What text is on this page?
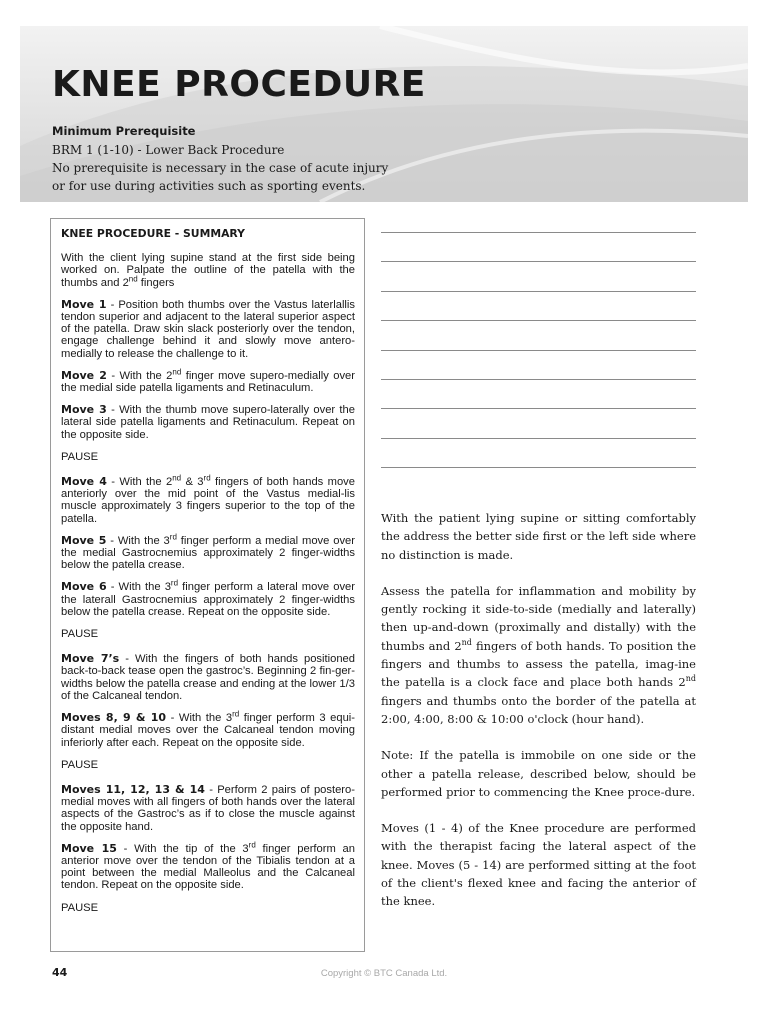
KNEE PROCEDURE
Minimum Prerequisite
BRM 1 (1-10) - Lower Back Procedure
No prerequisite is necessary in the case of acute injury
or for use during activities such as sporting events.
KNEE PROCEDURE - SUMMARY

With the client lying supine stand at the first side being worked on. Palpate the outline of the patella with the thumbs and 2nd fingers

Move 1 - Position both thumbs over the Vastus laterlallis tendon superior and adjacent to the lateral superior aspect of the patella. Draw skin slack posteriorly over the tendon, engage challenge behind it and slowly move antero-medially to release the challenge to it.

Move 2 - With the 2nd finger move supero-medially over the medial side patella ligaments and Retinaculum.

Move 3 - With the thumb move supero-laterally over the lateral side patella ligaments and Retinaculum. Repeat on the opposite side.

PAUSE

Move 4 - With the 2nd & 3rd fingers of both hands move anteriorly over the mid point of the Vastus medial-lis muscle approximately 3 fingers superior to the top of the patella.

Move 5 - With the 3rd finger perform a medial move over the medial Gastrocnemius approximately 2 finger-widths below the patella crease.

Move 6 - With the 3rd finger perform a lateral move over the laterall Gastrocnemius approximately 2 finger-widths below the patella crease. Repeat on the opposite side.

PAUSE

Move 7’s - With the fingers of both hands positioned back-to-back tease open the gastroc’s. Beginning 2 fin-ger-widths below the patella crease and ending at the lower 1/3 of the Calcaneal tendon.

Moves 8, 9 & 10 - With the 3rd finger perform 3 equi-distant medial moves over the Calcaneal tendon moving inferiorly after each. Repeat on the opposite side.

PAUSE

Moves 11, 12, 13 & 14 - Perform 2 pairs of postero-medial moves with all fingers of both hands over the lateral aspects of the Gastroc’s as if to close the muscle against the opposite hand.

Move 15 - With the tip of the 3rd finger perform an anterior move over the tendon of the Tibialis tendon at a point between the medial Malleolus and the Calcaneal tendon. Repeat on the opposite side.

PAUSE

With the patient lying supine or sitting comfortably the address the better side first or the left side where no distinction is made.

Assess the patella for inflammation and mobility by gently rocking it side-to-side (medially and laterally) then up-and-down (proximally and distally) with the thumbs and 2nd fingers of both hands. To position the fingers and thumbs to assess the patella, imag-ine the patella is a clock face and place both hands 2nd fingers and thumbs onto the border of the patella at 2:00, 4:00, 8:00 & 10:00 o'clock (hour hand).

Note: If the patella is immobile on one side or the other a patella release, described below, should be performed prior to commencing the Knee proce-dure.

Moves (1 - 4) of the Knee procedure are performed with the therapist facing the lateral aspect of the knee. Moves (5 - 14) are performed sitting at the foot of the client's flexed knee and facing the anterior of the knee.

44	Copyright © BTC Canada Ltd.
